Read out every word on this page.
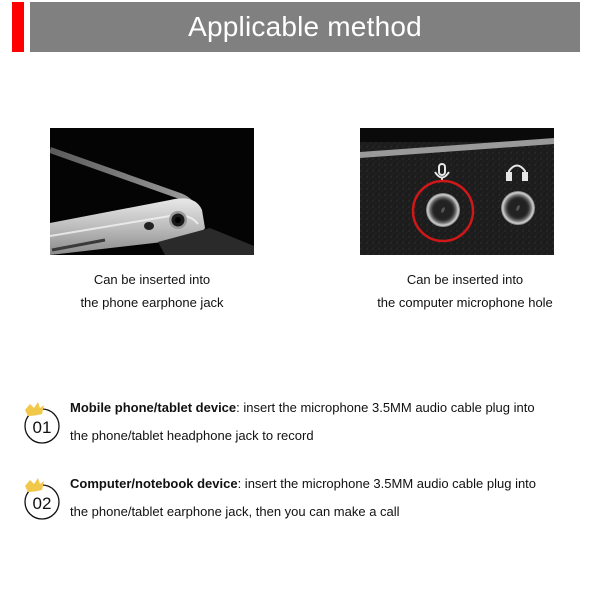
Applicable method
Can be inserted into
the phone earphone jack
Can be inserted into
the computer microphone hole
01
Mobile phone/tablet device: insert the microphone 3.5MM audio cable plug into
the phone/tablet headphone jack to record
02
Computer/notebook device: insert the microphone 3.5MM audio cable plug into
the phone/tablet earphone jack, then you can make a call
